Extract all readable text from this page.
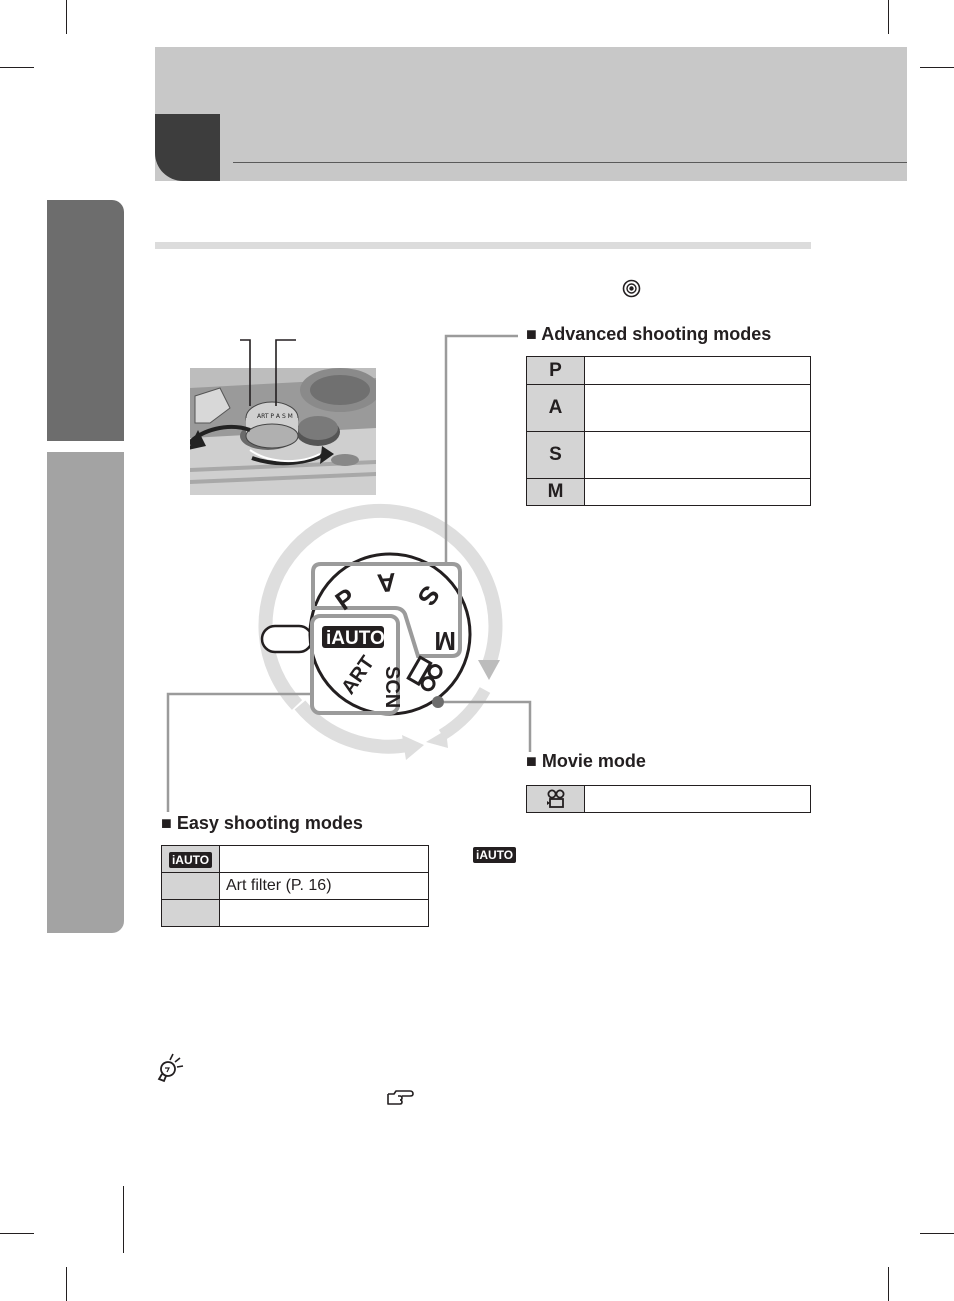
ART P A S M
P A S
M
iAUTO
ART SCN
■ Advanced shooting modes
P	
A	
S	
M	
■ Movie mode

■ Easy shooting modes
iAUTO	
	Art filter (P. 16)

iAUTO
